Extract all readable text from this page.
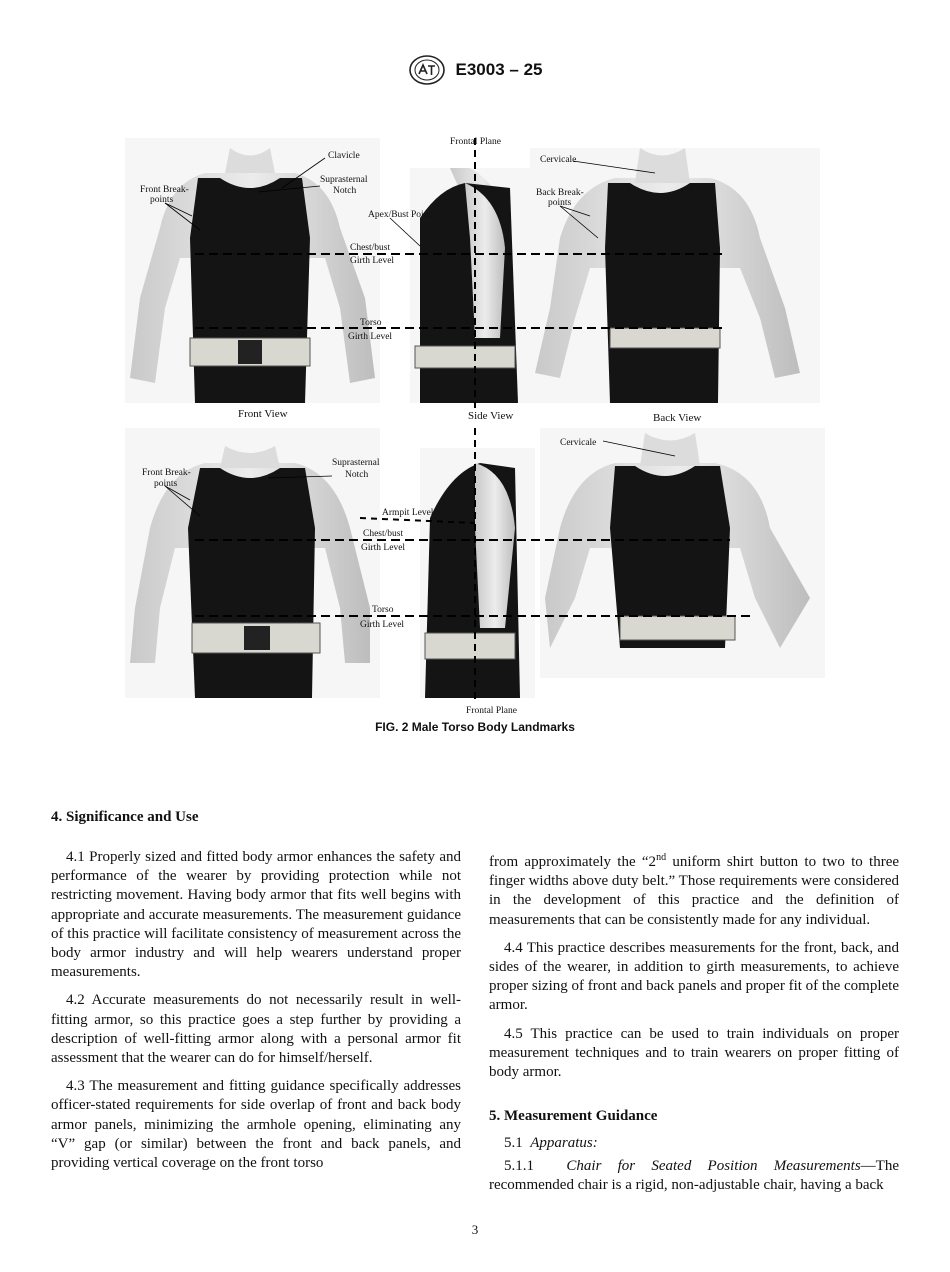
E3003 – 25
Clavicle
Suprasternal
Notch
Front Break-
points
Frontal Plane
Apex/Bust Point
Chest/bust
Girth Level
Torso
Girth Level
Cervicale
Back Break-
points
Front View	Side View	Back View
Front Break-
points
Suprasternal
Notch
Armpit Level
Chest/bust
Girth Level
Torso
Girth Level
Cervicale
Frontal Plane
FIG. 2 Male Torso Body Landmarks
4. Significance and Use

4.1 Properly sized and fitted body armor enhances the safety and performance of the wearer by providing protection while not restricting movement. Having body armor that fits well begins with appropriate and accurate measurements. The measurement guidance of this practice will facilitate consistency of measurement across the body armor industry and will help wearers understand proper measurements.

4.2 Accurate measurements do not necessarily result in well-fitting armor, so this practice goes a step further by providing a description of well-fitting armor along with a personal armor fit assessment that the wearer can do for himself/herself.

4.3 The measurement and fitting guidance specifically addresses officer-stated requirements for side overlap of front and back body armor panels, minimizing the armhole opening, eliminating any “V” gap (or similar) between the front and back panels, and providing vertical coverage on the front torso

from approximately the “2nd uniform shirt button to two to three finger widths above duty belt.” Those requirements were considered in the development of this practice and the definition of measurements that can be consistently made for any individual.

4.4 This practice describes measurements for the front, back, and sides of the wearer, in addition to girth measurements, to achieve proper sizing of front and back panels and proper fit of the complete armor.

4.5 This practice can be used to train individuals on proper measurement techniques and to train wearers on proper fitting of body armor.

5. Measurement Guidance
5.1 Apparatus:
5.1.1 Chair for Seated Position Measurements—The recommended chair is a rigid, non-adjustable chair, having a back
3
